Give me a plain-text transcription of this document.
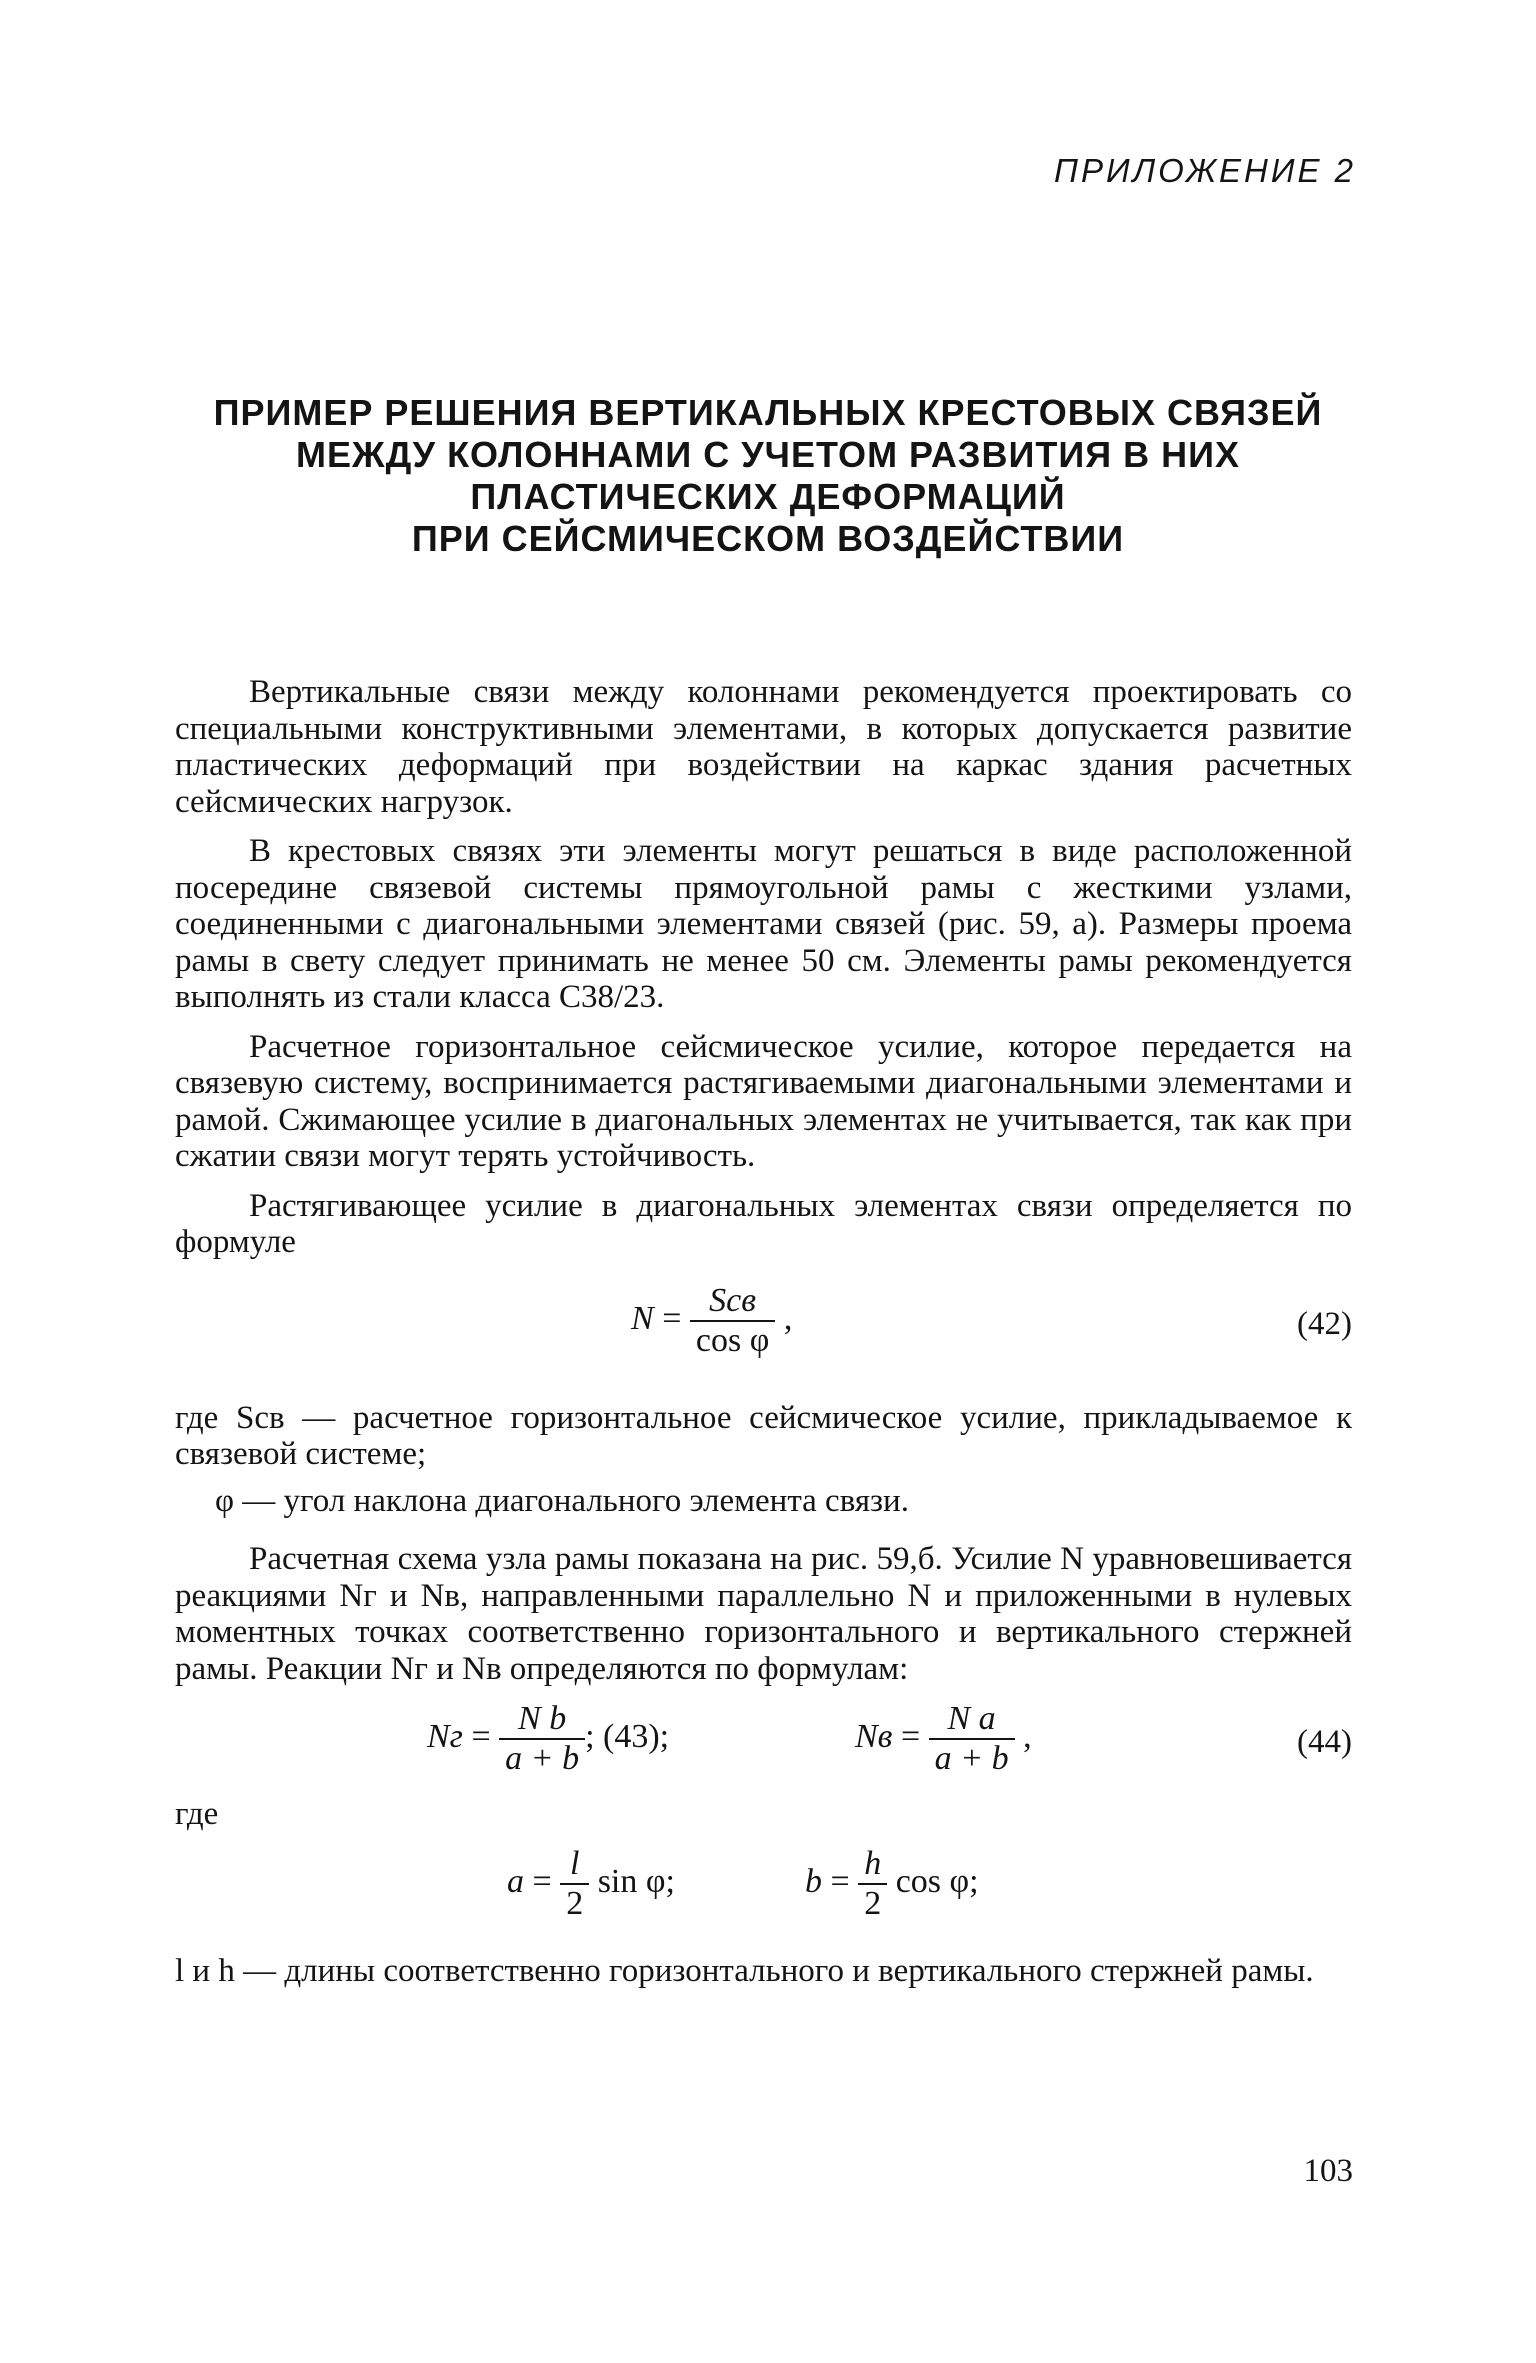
ПРИЛОЖЕНИЕ 2
ПРИМЕР РЕШЕНИЯ ВЕРТИКАЛЬНЫХ КРЕСТОВЫХ СВЯЗЕЙ
МЕЖДУ КОЛОННАМИ С УЧЕТОМ РАЗВИТИЯ В НИХ
ПЛАСТИЧЕСКИХ ДЕФОРМАЦИЙ
ПРИ СЕЙСМИЧЕСКОМ ВОЗДЕЙСТВИИ

Вертикальные связи между колоннами рекомендуется проектировать со специальными конструктивными элементами, в которых допускается развитие пластических деформаций при воздействии на каркас здания расчетных сейсмических нагрузок.

В крестовых связях эти элементы могут решаться в виде расположенной посередине связевой системы прямоугольной рамы с жесткими узлами, соединенными с диагональными элементами связей (рис. 59, а). Размеры проема рамы в свету следует принимать не менее 50 см. Элементы рамы рекомендуется выполнять из стали класса С38/23.

Расчетное горизонтальное сейсмическое усилие, которое передается на связевую систему, воспринимается растягиваемыми диагональными элементами и рамой. Сжимающее усилие в диагональных элементах не учитывается, так как при сжатии связи могут терять устойчивость.

Растягивающее усилие в диагональных элементах связи определяется по формуле

$N = \frac{\text{Sсв}}{\text{cos φ}}$ ,	(42)

где Sсв — расчетное горизонтальное сейсмическое усилие, прикладываемое к связевой системе;

φ — угол наклона диагонального элемента связи.

Расчетная схема узла рамы показана на рис. 59,б. Усилие N уравновешивается реакциями Nг и Nв, направленными параллельно N и приложенными в нулевых моментных точках соответственно горизонтального и вертикального стержней рамы. Реакции Nг и Nв определяются по формулам:

Nг = $\frac{\text{N b}}{a + b}$ ; (43);	Nв = $\frac{\text{N a}}{a + b}$ ,	(44)

где

$a = \frac{l}{2}$ sin φ;	$b = \frac{h}{2}$ cos φ;

l и h — длины соответственно горизонтального и вертикального стержней рамы.

103
